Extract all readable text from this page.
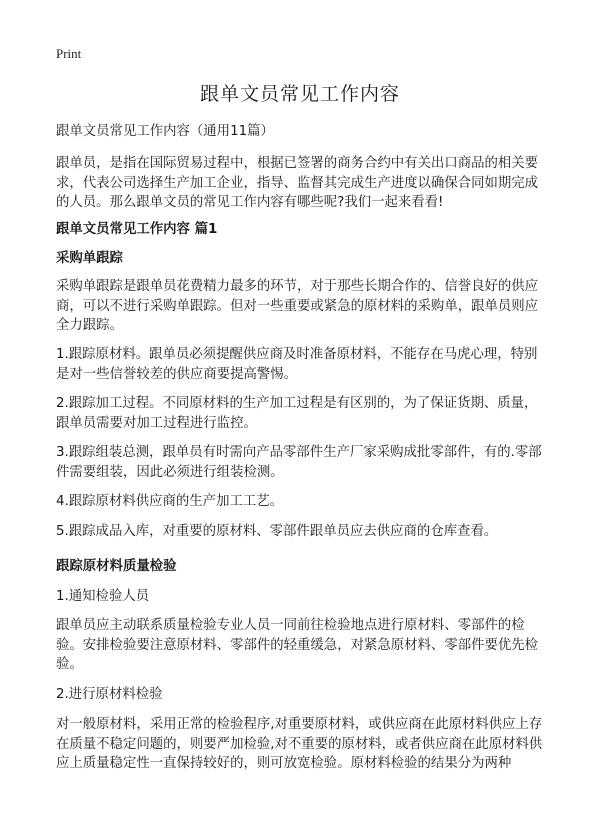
Print
跟单文员常见工作内容

跟单文员常见工作内容（通用11篇）

跟单员，是指在国际贸易过程中，根据已签署的商务合约中有关出口商品的相关要求，代表公司选择生产加工企业，指导、监督其完成生产进度以确保合同如期完成的人员。那么跟单文员的常见工作内容有哪些呢?我们一起来看看!

跟单文员常见工作内容 篇1

采购单跟踪

采购单跟踪是跟单员花费精力最多的环节，对于那些长期合作的、信誉良好的供应商，可以不进行采购单跟踪。但对一些重要或紧急的原材料的采购单，跟单员则应全力跟踪。

1.跟踪原材料。跟单员必须提醒供应商及时准备原材料，不能存在马虎心理，特别是对一些信誉较差的供应商要提高警惕。

2.跟踪加工过程。不同原材料的生产加工过程是有区别的，为了保证货期、质量，跟单员需要对加工过程进行监控。

3.跟踪组装总测，跟单员有时需向产品零部件生产厂家采购成批零部件，有的.零部件需要组装，因此必须进行组装检测。

4.跟踪原材料供应商的生产加工工艺。

5.跟踪成品入库，对重要的原材料、零部件跟单员应去供应商的仓库查看。

跟踪原材料质量检验

1.通知检验人员

跟单员应主动联系质量检验专业人员一同前往检验地点进行原材料、零部件的检验。安排检验要注意原材料、零部件的轻重缓急，对紧急原材料、零部件要优先检验。

2.进行原材料检验

对一般原材料，采用正常的检验程序,对重要原材料，或供应商在此原材料供应上存在质量不稳定问题的，则要严加检验,对不重要的原材料，或者供应商在此原材料供应上质量稳定性一直保持较好的，则可放宽检验。原材料检验的结果分为两种
